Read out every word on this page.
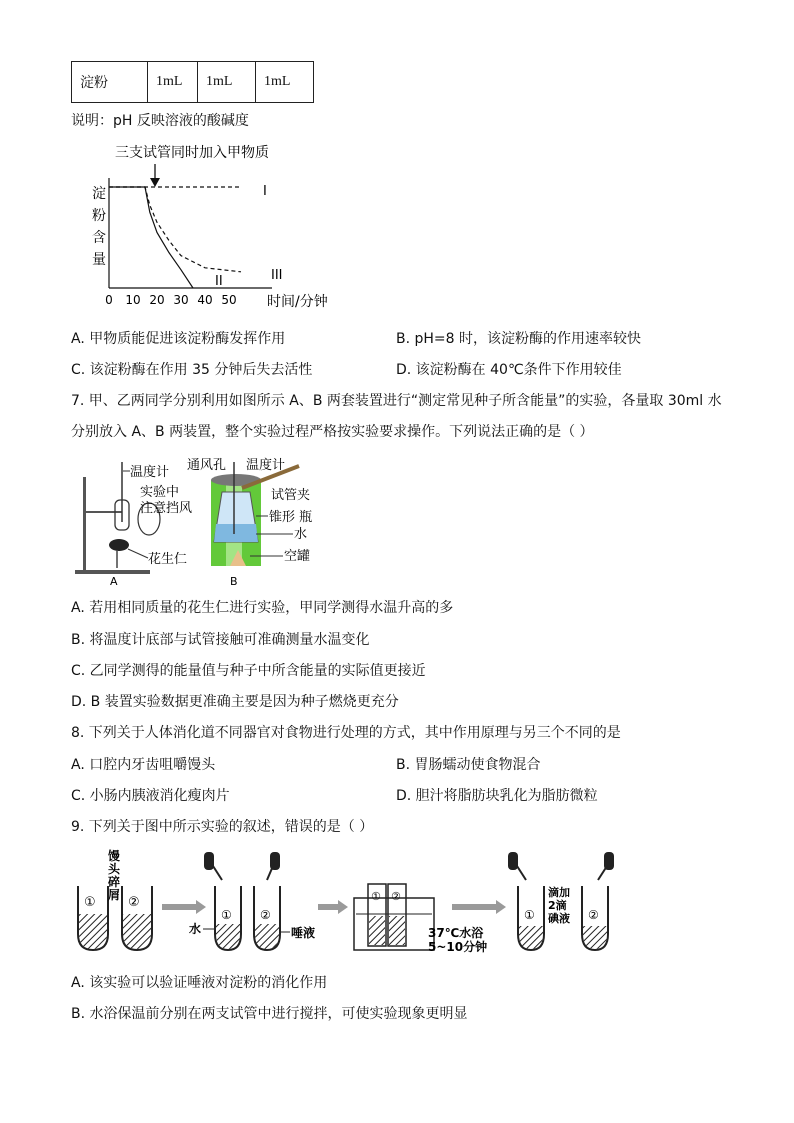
淀粉	1mL	1mL	1mL
说明：pH 反映溶液的酸碱度
三支试管同时加入甲物质
淀
粉
含
量
I
II	III
0 10 20 30 40 50 时间/分钟
A. 甲物质能促进该淀粉酶发挥作用	B. pH=8 时，该淀粉酶的作用速率较快
C. 该淀粉酶在作用 35 分钟后失去活性	D. 该淀粉酶在 40℃条件下作用较佳
7. 甲、乙两同学分别利用如图所示 A、B 两套装置进行“测定常见种子所含能量”的实验，各量取 30ml 水
分别放入 A、B 两装置，整个实验过程严格按实验要求操作。下列说法正确的是（ ）
温度计
实验中
注意挡风
花生仁
A
通风孔 温度计
试管夹
锥形 瓶
水
空罐
B
A. 若用相同质量的花生仁进行实验，甲同学测得水温升高的多
B. 将温度计底部与试管接触可准确测量水温变化
C. 乙同学测得的能量值与种子中所含能量的实际值更接近
D. B 装置实验数据更准确主要是因为种子燃烧更充分
8. 下列关于人体消化道不同器官对食物进行处理的方式，其中作用原理与另三个不同的是
A. 口腔内牙齿咀嚼馒头	B. 胃肠蠕动使食物混合
C. 小肠内胰液消化瘦肉片	D. 胆汁将脂肪块乳化为脂肪微粒
9. 下列关于图中所示实验的叙述，错误的是（ ）
① ②
馒
头
碎
屑
① ②
水	唾液
① ②
37℃水浴
5~10分钟
①
滴加
2滴
碘液 ②
A. 该实验可以验证唾液对淀粉的消化作用
B. 水浴保温前分别在两支试管中进行搅拌，可使实验现象更明显
